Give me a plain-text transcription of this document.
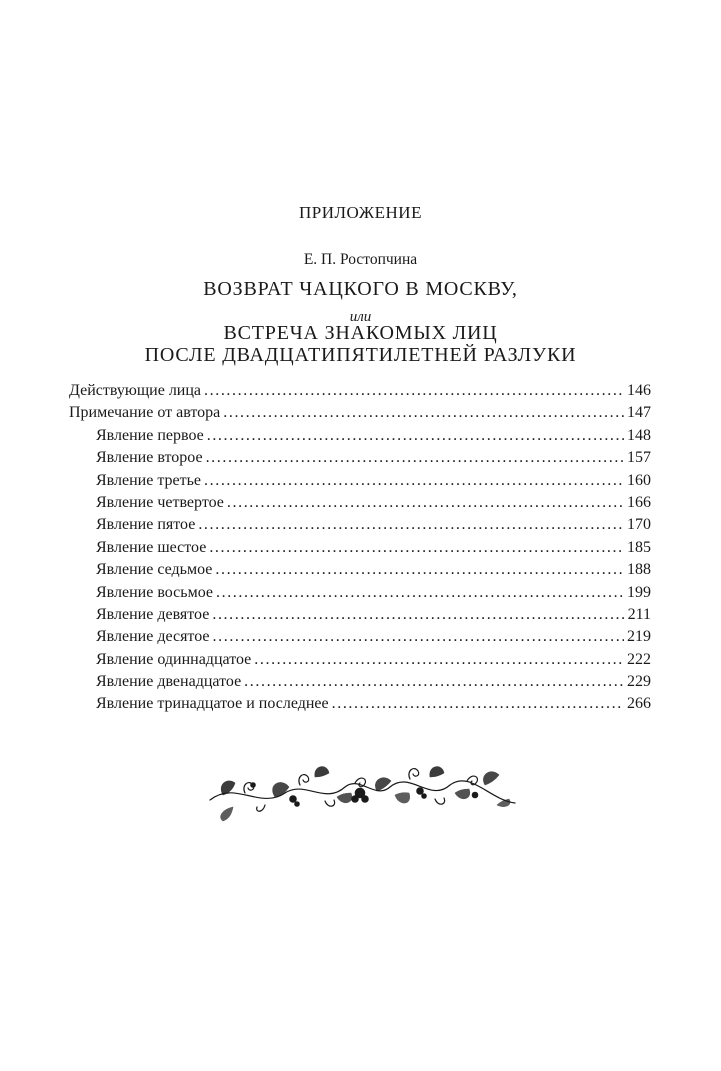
ПРИЛОЖЕНИЕ
Е. П. Ростопчина
ВОЗВРАТ ЧАЦКОГО В МОСКВУ,
или
ВСТРЕЧА ЗНАКОМЫХ ЛИЦ
ПОСЛЕ ДВАДЦАТИПЯТИЛЕТНЕЙ РАЗЛУКИ
Действующие лица . . .	146
Примечание от автора . . .	147
Явление первое . . .	148
Явление второе . . .	157
Явление третье . . .	160
Явление четвертое . . .	166
Явление пятое . . .	170
Явление шестое . . .	185
Явление седьмое . . .	188
Явление восьмое . . .	199
Явление девятое . . .	211
Явление десятое . . .	219
Явление одиннадцатое . . .	222
Явление двенадцатое . . .	229
Явление тринадцатое и последнее . . .	266
